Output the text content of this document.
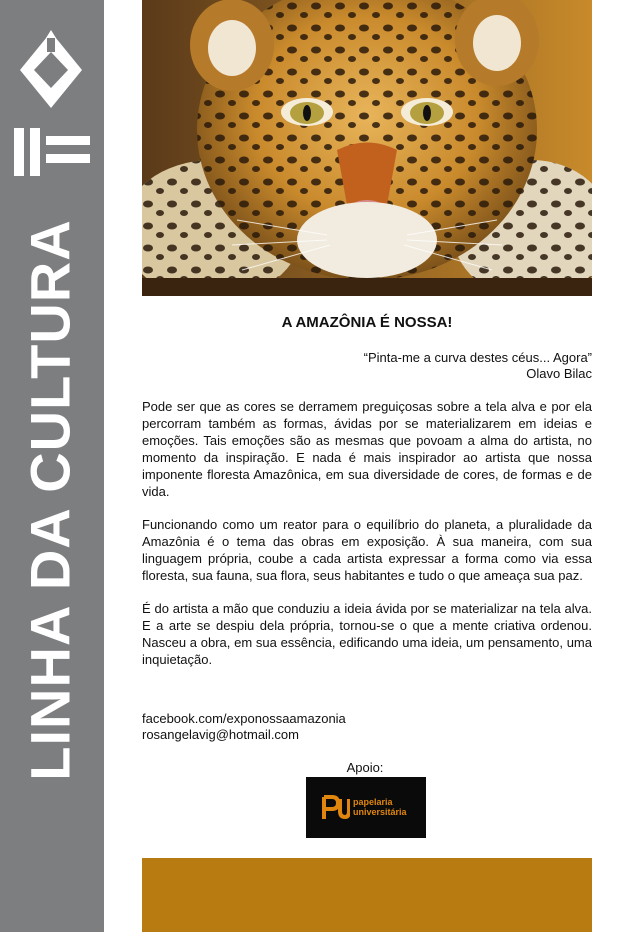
LINHA DA CULTURA	A AMAZÔNIA É NOSSA!
“Pinta-me a curva destes céus... Agora”
Olavo Bilac

Pode ser que as cores se derramem preguiçosas sobre a tela alva e por ela percorram também as formas, ávidas por se materializarem em ideias e emoções. Tais emoções são as mesmas que povoam a alma do artista, no momento da inspiração. E nada é mais inspirador ao artista que nossa imponente floresta Amazônica, em sua diversidade de cores, de formas e de vida.

Funcionando como um reator para o equilíbrio do planeta, a pluralidade da Amazônia é o tema das obras em exposição. À sua maneira, com sua linguagem própria, coube a cada artista expressar a forma como via essa floresta, sua fauna, sua flora, seus habitantes e tudo o que ameaça sua paz.

É do artista a mão que conduziu a ideia ávida por se materializar na tela alva. E a arte se despiu dela própria, tornou-se o que a mente criativa ordenou. Nasceu a obra, em sua essência, edificando uma ideia, um pensamento, uma inquietação.

facebook.com/exponossaamazonia
rosangelavig@hotmail.com
Apoio:
papelaria
universitária
